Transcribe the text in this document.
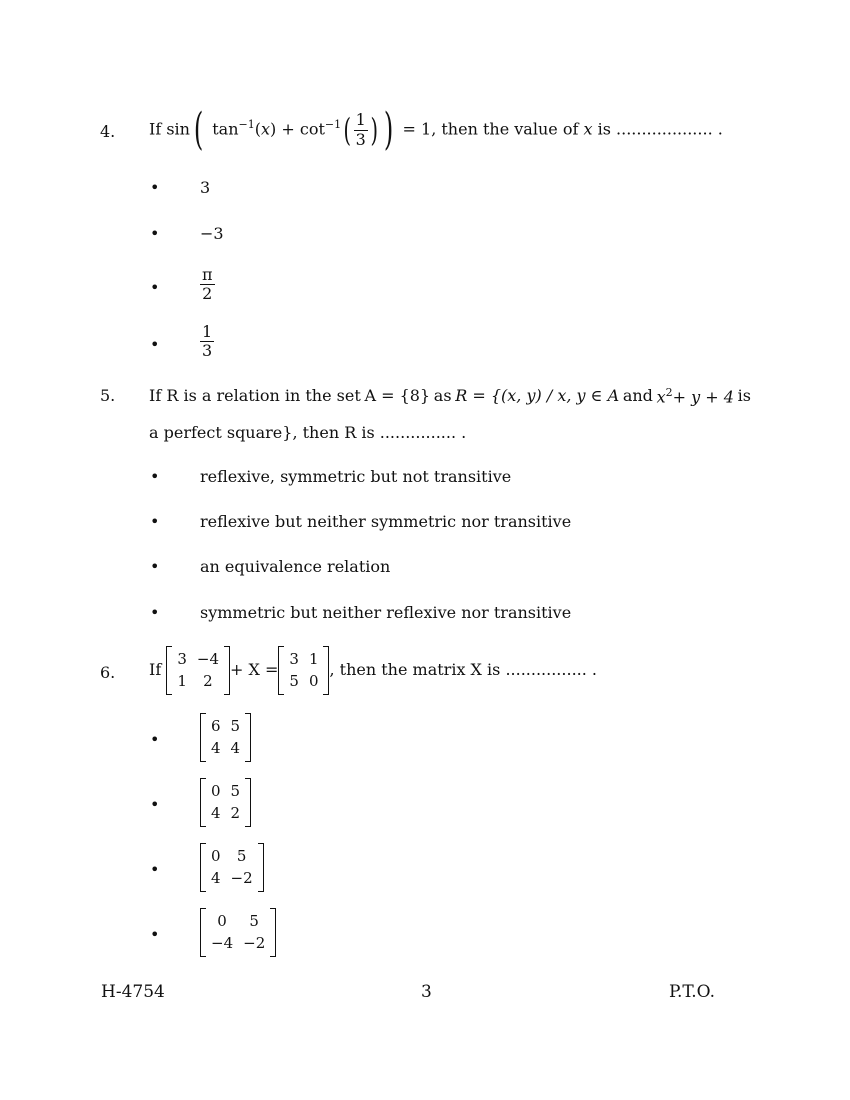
4. If sin( $\tan^{-1}(x) + \cot^{-1}( \frac{1}{3}$ ) ) = 1, then the value of x is ................... .
•	3
•	−3
•	$\frac{\pi}{2}$
•	$\frac{1}{3}$
5. If R is a relation in the set A = {8} as R = {(x, y) / x, y ∈ A and $x^2+ y + 4$ is
a perfect square}, then R is ............... .
•	reflexive, symmetric but not transitive
•	reflexive but neither symmetric nor transitive
•	an equivalence relation
•	symmetric but neither reflexive nor transitive
6. If
3	−4
1	2
+ X =
3	1
5	0
, then the matrix X is ................ .
•
6	5
4	4
•
0	5
4	2
•
0	5
4	−2
•
0	5
−4	−2
H-4754	3	P.T.O.
